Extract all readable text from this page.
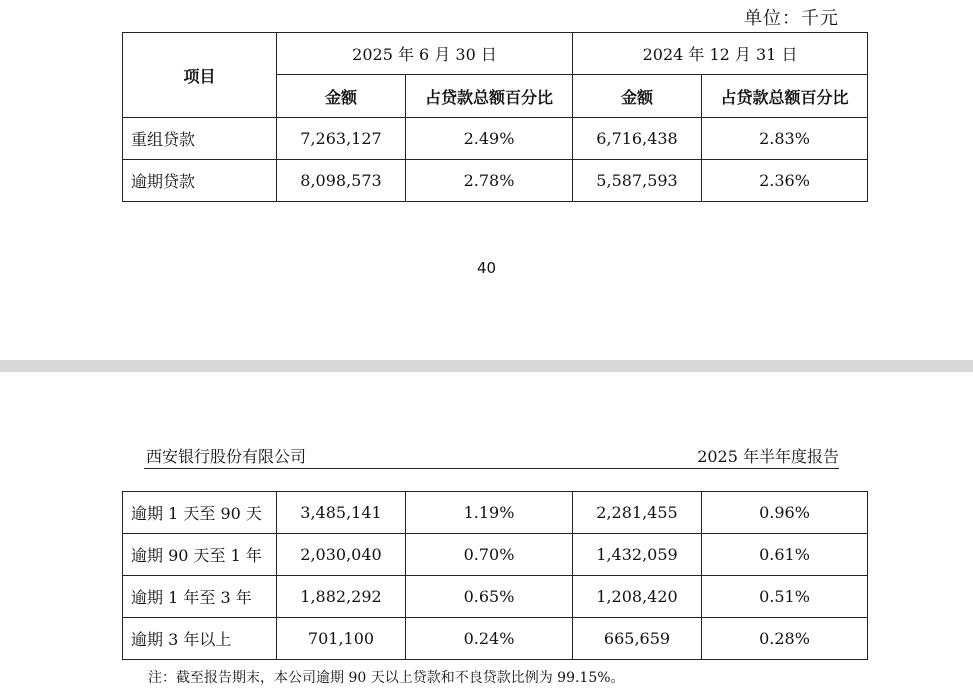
单位：千元
项目	2025 年 6 月 30 日		2024 年 12 月 31 日	
	金额	占贷款总额百分比	金额	占贷款总额百分比
重组贷款	7,263,127	2.49%	6,716,438	2.83%
逾期贷款	8,098,573	2.78%	5,587,593	2.36%
40
西安银行股份有限公司	2025 年半年度报告
逾期 1 天至 90 天	3,485,141	1.19%	2,281,455	0.96%
逾期 90 天至 1 年	2,030,040	0.70%	1,432,059	0.61%
逾期 1 年至 3 年	1,882,292	0.65%	1,208,420	0.51%
逾期 3 年以上	701,100	0.24%	665,659	0.28%
注：截至报告期末，本公司逾期 90 天以上贷款和不良贷款比例为 99.15%。
